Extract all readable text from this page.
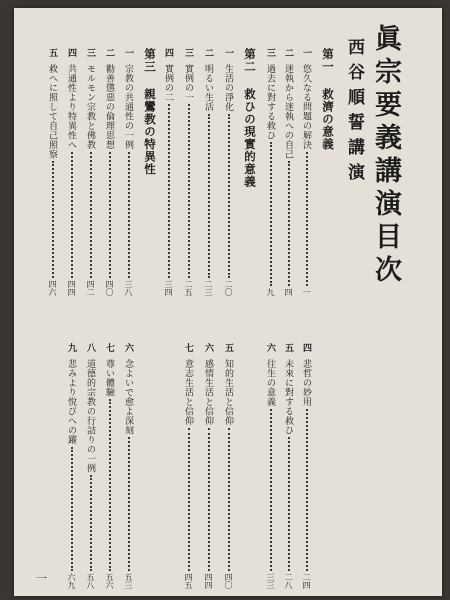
眞宗要義講演目次
西谷順誓講演
第一 救濟の意義
第二 救ひの現實的意義
第三 親鸞教の特異性	一
悠久なる問題の解決
一
二
迷執から迷執への自己
四
三
過去に對する救ひ
九
一
生活の淨化
二〇
二
明るい生活
二三
三
實例の一
二五
四
實例の二
三四
一
宗教の共通性の一例
三八
二
勸善懲惡の倫理思想
四〇
三
モルモン宗教と佛教
四二
四
共通性より特異性へ
四四
五
救へに照して自己照察
四六
四
悲哲の妙用
二四
五
未來に對する救ひ
二八
六
往生の意義
三三
五
知的生活と信仰
四〇
六
感情生活と信仰
四四
七
意志生活と信仰
四五
六
念よいで愈よ深刻
五三
七
尊い體驗
五六
八
道德的宗教の行詰りの一例
五八
九
悲みより悅びへの躍
六九
一
